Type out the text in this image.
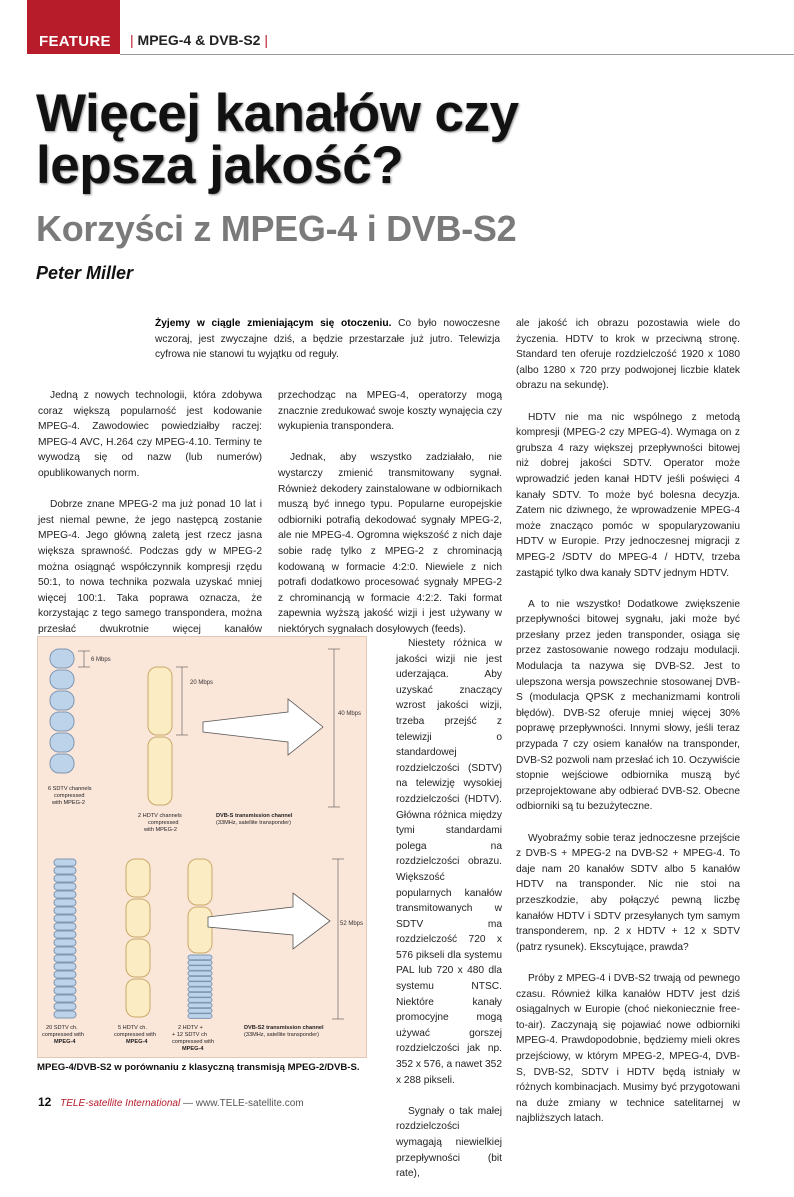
FEATURE | MPEG-4 & DVB-S2 |
Więcej kanałów czy
lepsza jakość?
Korzyści z MPEG-4 i DVB-S2
Peter Miller
Żyjemy w ciągle zmieniającym się otoczeniu. Co było nowoczesne wczoraj, jest zwyczajne dziś, a będzie przestarzałe już jutro. Telewizja cyfrowa nie stanowi tu wyjątku od reguły.

Jedną z nowych technologii, która zdobywa coraz większą popularność jest kodowanie MPEG-4. Zawodowiec powiedziałby raczej: MPEG-4 AVC, H.264 czy MPEG-4.10. Terminy te wywodzą się od nazw (lub numerów) opublikowanych norm.

Dobrze znane MPEG-2 ma już ponad 10 lat i jest niemal pewne, że jego następcą zostanie MPEG-4. Jego główną zaletą jest rzecz jasna większa sprawność. Podczas gdy w MPEG-2 można osiągnąć współczynnik kompresji rzędu 50:1, to nowa technika pozwala uzyskać mniej więcej 100:1. Taka poprawa oznacza, że korzystając z tego samego transpondera, można przesłać dwukrotnie więcej kanałów

przechodząc na MPEG-4, operatorzy mogą znacznie zredukować swoje koszty wynajęcia czy wykupienia transpondera.

Jednak, aby wszystko zadziałało, nie wystarczy zmienić transmitowany sygnał. Również dekodery zainstalowane w odbiornikach muszą być innego typu. Popularne europejskie odbiorniki potrafią dekodować sygnały MPEG-2, ale nie MPEG-4. Ogromna większość z nich daje sobie radę tylko z MPEG-2 z chrominacją kodowaną w formacie 4:2:0. Niewiele z nich potrafi dodatkowo procesować sygnały MPEG-2 z chrominancją w formacie 4:2:2. Taki format zapewnia wyższą jakość wizji i jest używany w niektórych sygnałach dosyłowych (feeds).

Niestety różnica w jakości wizji nie jest uderzająca. Aby uzyskać znaczący wzrost jakości wizji, trzeba przejść z telewizji o standardowej rozdzielczości (SDTV) na telewizję wysokiej rozdzielczości (HDTV). Główna różnica między tymi standardami polega na rozdzielczości obrazu. Większość popularnych kanałów transmitowanych w SDTV ma rozdzielczość 720 x 576 pikseli dla systemu PAL lub 720 x 480 dla systemu NTSC. Niektóre kanały promocyjne mogą używać gorszej rozdzielczości jak np. 352 x 576, a nawet 352 x 288 pikseli.

Sygnały o tak małej rozdzielczości wymagają niewielkiej przepływności (bit rate),

ale jakość ich obrazu pozostawia wiele do życzenia. HDTV to krok w przeciwną stronę. Standard ten oferuje rozdzielczość 1920 x 1080 (albo 1280 x 720 przy podwojonej liczbie klatek obrazu na sekundę).

HDTV nie ma nic wspólnego z metodą kompresji (MPEG-2 czy MPEG-4). Wymaga on z grubsza 4 razy większej przepływności bitowej niż dobrej jakości SDTV. Operator może wprowadzić jeden kanał HDTV jeśli poświęci 4 kanały SDTV. To może być bolesna decyzja. Zatem nic dziwnego, że wprowadzenie MPEG-4 może znacząco pomóc w spopularyzowaniu HDTV w Europie. Przy jednoczesnej migracji z MPEG-2 /SDTV do MPEG-4 / HDTV, trzeba zastąpić tylko dwa kanały SDTV jednym HDTV.

A to nie wszystko! Dodatkowe zwiększenie przepływności bitowej sygnału, jaki może być przesłany przez jeden transponder, osiąga się przez zastosowanie nowego rodzaju modulacji. Modulacja ta nazywa się DVB-S2. Jest to ulepszona wersja powszechnie stosowanej DVB-S (modulacja QPSK z mechanizmami kontroli błędów). DVB-S2 oferuje mniej więcej 30% poprawę przepływności. Innymi słowy, jeśli teraz przypada 7 czy osiem kanałów na transponder, DVB-S2 pozwoli nam przesłać ich 10. Oczywiście stopnie wejściowe odbiornika muszą być przeprojektowane aby odbierać DVB-S2. Obecne odbiorniki są tu bezużyteczne.

Wyobraźmy sobie teraz jednoczesne przejście z DVB-S + MPEG-2 na DVB-S2 + MPEG-4. To daje nam 20 kanałów SDTV albo 5 kanałów HDTV na transponder. Nic nie stoi na przeszkodzie, aby połączyć pewną liczbę kanałów HDTV i SDTV przesyłanych tym samym transponderem, np. 2 x HDTV + 12 x SDTV (patrz rysunek). Ekscytujące, prawda?

Próby z MPEG-4 i DVB-S2 trwają od pewnego czasu. Również kilka kanałów HDTV jest dziś osiągalnych w Europie (choć niekoniecznie free-to-air). Zaczynają się pojawiać nowe odbiorniki MPEG-4. Prawdopodobnie, będziemy mieli okres przejściowy, w którym MPEG-2, MPEG-4, DVB-S, DVB-S2, SDTV i HDTV będą istniały w różnych kombinacjach. Musimy być przygotowani na duże zmiany w technice satelitarnej w najbliższych latach.

6 Mbps
20 Mbps
40 Mbps
6 SDTV channels
compressed
with MPEG-2
2 HDTV channels
compressed
with MPEG-2
DVB-S transmission channel
(33MHz, satellite transponder)
52 Mbps
20 SDTV ch.
compressed with
MPEG-4
5 HDTV ch.
compressed with
MPEG-4
2 HDTV +
+ 12 SDTV ch
compressed with
MPEG-4
DVB-S2 transmission channel
(33MHz, satellite transponder)
MPEG-4/DVB-S2 w porównaniu z klasyczną transmisją MPEG-2/DVB-S.
12 TELE-satellite International — www.TELE-satellite.com
